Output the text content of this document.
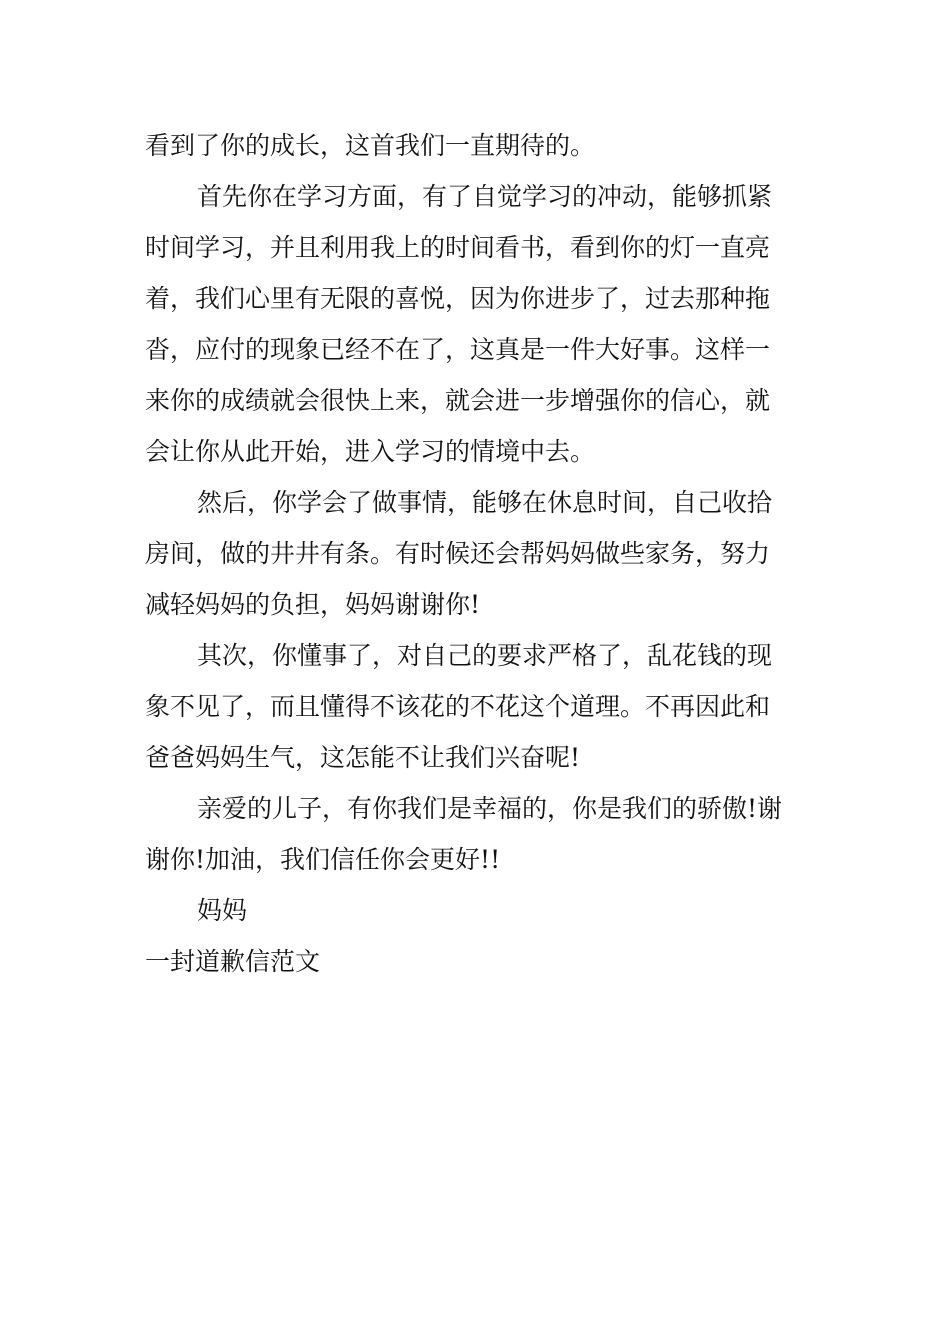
看到了你的成长，这首我们一直期待的。

首先你在学习方面，有了自觉学习的冲动，能够抓紧

时间学习，并且利用我上的时间看书，看到你的灯一直亮

着，我们心里有无限的喜悦，因为你进步了，过去那种拖

沓，应付的现象已经不在了，这真是一件大好事。这样一

来你的成绩就会很快上来，就会进一步增强你的信心，就

会让你从此开始，进入学习的情境中去。

然后，你学会了做事情，能够在休息时间，自己收拾

房间，做的井井有条。有时候还会帮妈妈做些家务，努力

减轻妈妈的负担，妈妈谢谢你!

其次，你懂事了，对自己的要求严格了，乱花钱的现

象不见了，而且懂得不该花的不花这个道理。不再因此和

爸爸妈妈生气，这怎能不让我们兴奋呢!

亲爱的儿子，有你我们是幸福的，你是我们的骄傲!谢

谢你!加油，我们信任你会更好!!

妈妈

一封道歉信范文
